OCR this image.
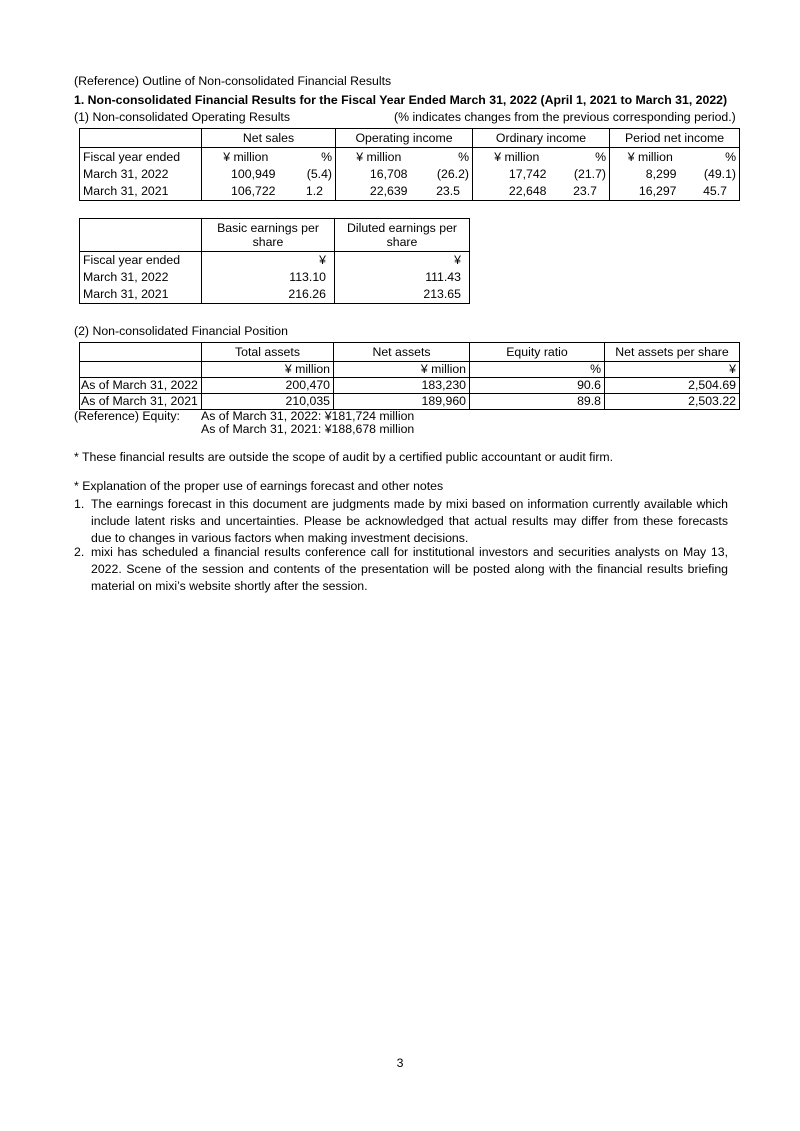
(Reference) Outline of Non-consolidated Financial Results
1. Non-consolidated Financial Results for the Fiscal Year Ended March 31, 2022 (April 1, 2021 to March 31, 2022)
(1) Non-consolidated Operating Results	(% indicates changes from the previous corresponding period.)
	Net sales		Operating income		Ordinary income		Period net income	
Fiscal year ended	¥ million	%	¥ million	%	¥ million	%	¥ million	%
March 31, 2022	100,949	(5.4)	16,708	(26.2)	17,742	(21.7)	8,299	(49.1)
March 31, 2021	106,722	1.2	22,639	23.5	22,648	23.7	16,297	45.7
	Basic earnings per share	Diluted earnings per share
Fiscal year ended	¥	¥
March 31, 2022	113.10	111.43
March 31, 2021	216.26	213.65
(2) Non-consolidated Financial Position
	Total assets	Net assets	Equity ratio	Net assets per share
	¥ million	¥ million	%	¥
As of March 31, 2022	200,470	183,230	90.6	2,504.69
As of March 31, 2021	210,035	189,960	89.8	2,503.22
(Reference) Equity: As of March 31, 2022: ¥181,724 million
As of March 31, 2021: ¥188,678 million
* These financial results are outside the scope of audit by a certified public accountant or audit firm.
* Explanation of the proper use of earnings forecast and other notes
1. The earnings forecast in this document are judgments made by mixi based on information currently available which include latent risks and uncertainties. Please be acknowledged that actual results may differ from these forecasts due to changes in various factors when making investment decisions.
2. mixi has scheduled a financial results conference call for institutional investors and securities analysts on May 13, 2022. Scene of the session and contents of the presentation will be posted along with the financial results briefing material on mixi’s website shortly after the session.
3
